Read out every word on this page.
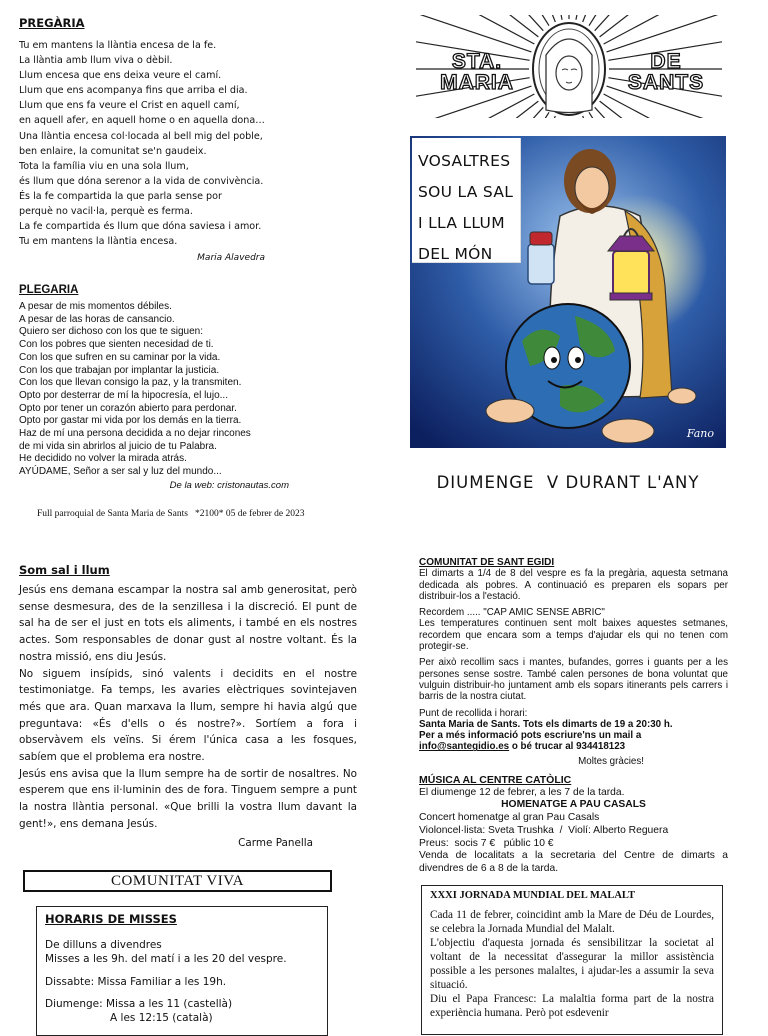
PREGÀRIA
Tu em mantens la llàntia encesa de la fe.
La llàntia amb llum viva o dèbil.
Llum encesa que ens deixa veure el camí.
Llum que ens acompanya fins que arriba el dia.
Llum que ens fa veure el Crist en aquell camí,
en aquell afer, en aquell home o en aquella dona…
Una llàntia encesa col·locada al bell mig del poble,
ben enlaire, la comunitat se'n gaudeix.
Tota la família viu en una sola llum,
és llum que dóna serenor a la vida de convivència.
És la fe compartida la que parla sense por
perquè no vacil·la, perquè es ferma.
La fe compartida és llum que dóna saviesa i amor.
Tu em mantens la llàntia encesa.
Maria Alavedra
PLEGARIA
A pesar de mis momentos débiles.
A pesar de las horas de cansancio.
Quiero ser dichoso con los que te siguen:
Con los pobres que sienten necesidad de ti.
Con los que sufren en su caminar por la vida.
Con los que trabajan por implantar la justicia.
Con los que llevan consigo la paz, y la transmiten.
Opto por desterrar de mí la hipocresía, el lujo...
Opto por tener un corazón abierto para perdonar.
Opto por gastar mi vida por los demás en la tierra.
Haz de mí una persona decidida a no dejar rincones
de mi vida sin abrirlos al juicio de tu Palabra.
He decidido no volver la mirada atrás.
AYÚDAME, Señor a ser sal y luz del mundo...
De la web: cristonautas.com
Full parroquial de Santa Maria de Sants   *2100* 05 de febrer de 2023
STA. MARIA
DE SANTS
VOSALTRES
SOU LA SAL
I LLA LLUM
DEL MÓN
Fano
DIUMENGE  V DURANT L'ANY
Som sal i llum
Jesús ens demana escampar la nostra sal amb generositat, però sense desmesura, des de la senzillesa i la discreció. El punt de sal ha de ser el just en tots els aliments, i també en els nostres actes. Som responsables de donar gust al nostre voltant. És la nostra missió, ens diu Jesús.
No siguem insípids, sinó valents i decidits en el nostre testimoniatge. Fa temps, les avaries elèctriques sovintejaven més que ara. Quan marxava la llum, sempre hi havia algú que preguntava: «És d'ells o és nostre?». Sortíem a fora i observàvem els veïns. Si érem l'única casa a les fosques, sabíem que el problema era nostre.
Jesús ens avisa que la llum sempre ha de sortir de nosaltres. No esperem que ens il·luminin des de fora. Tinguem sempre a punt la nostra llàntia personal. «Que brilli la vostra llum davant la gent!», ens demana Jesús.
Carme Panella
COMUNITAT VIVA
HORARIS DE MISSES
De dilluns a divendres
Misses a les 9h. del matí i a les 20 del vespre.
Dissabte: Missa Familiar a les 19h.
Diumenge: Missa a les 11 (castellà)
A les 12:15 (català)
COMUNITAT DE SANT EGIDI
El dimarts a 1/4 de 8 del vespre es fa la pregària, aquesta setmana dedicada als pobres. A continuació es preparen els sopars per distribuir-los a l'estació.
Recordem ..... "CAP AMIC SENSE ABRIC"
Les temperatures continuen sent molt baixes aquestes setmanes, recordem que encara som a temps d'ajudar els qui no tenen com protegir-se.
Per això recollim sacs i mantes, bufandes, gorres i guants per a les persones sense sostre. També calen persones de bona voluntat que vulguin distribuir-ho juntament amb els sopars itinerants pels carrers i barris de la nostra ciutat.
Punt de recollida i horari:
Santa Maria de Sants. Tots els dimarts de 19 a 20:30 h.
Per a més informació pots escriure'ns un mail a
info@santegidio.es o bé trucar al 934418123
Moltes gràcies!
MÚSICA AL CENTRE CATÒLIC
El diumenge 12 de febrer, a les 7 de la tarda.
HOMENATGE A PAU CASALS
Concert homenatge al gran Pau Casals
Violoncel·lista: Sveta Trushka  /  Violí: Alberto Reguera
Preus:  socis 7 €   públic 10 €
Venda de localitats a la secretaria del Centre de dimarts a divendres de 6 a 8 de la tarda.
XXXI JORNADA MUNDIAL DEL MALALT
Cada 11 de febrer, coincidint amb la Mare de Déu de Lourdes, se celebra la Jornada Mundial del Malalt.
L'objectiu d'aquesta jornada és sensibilitzar la societat al voltant de la necessitat d'assegurar la millor assistència possible a les persones malaltes, i ajudar-les a assumir la seva situació.
Diu el Papa Francesc: La malaltia forma part de la nostra experiència humana. Però pot esdevenir
